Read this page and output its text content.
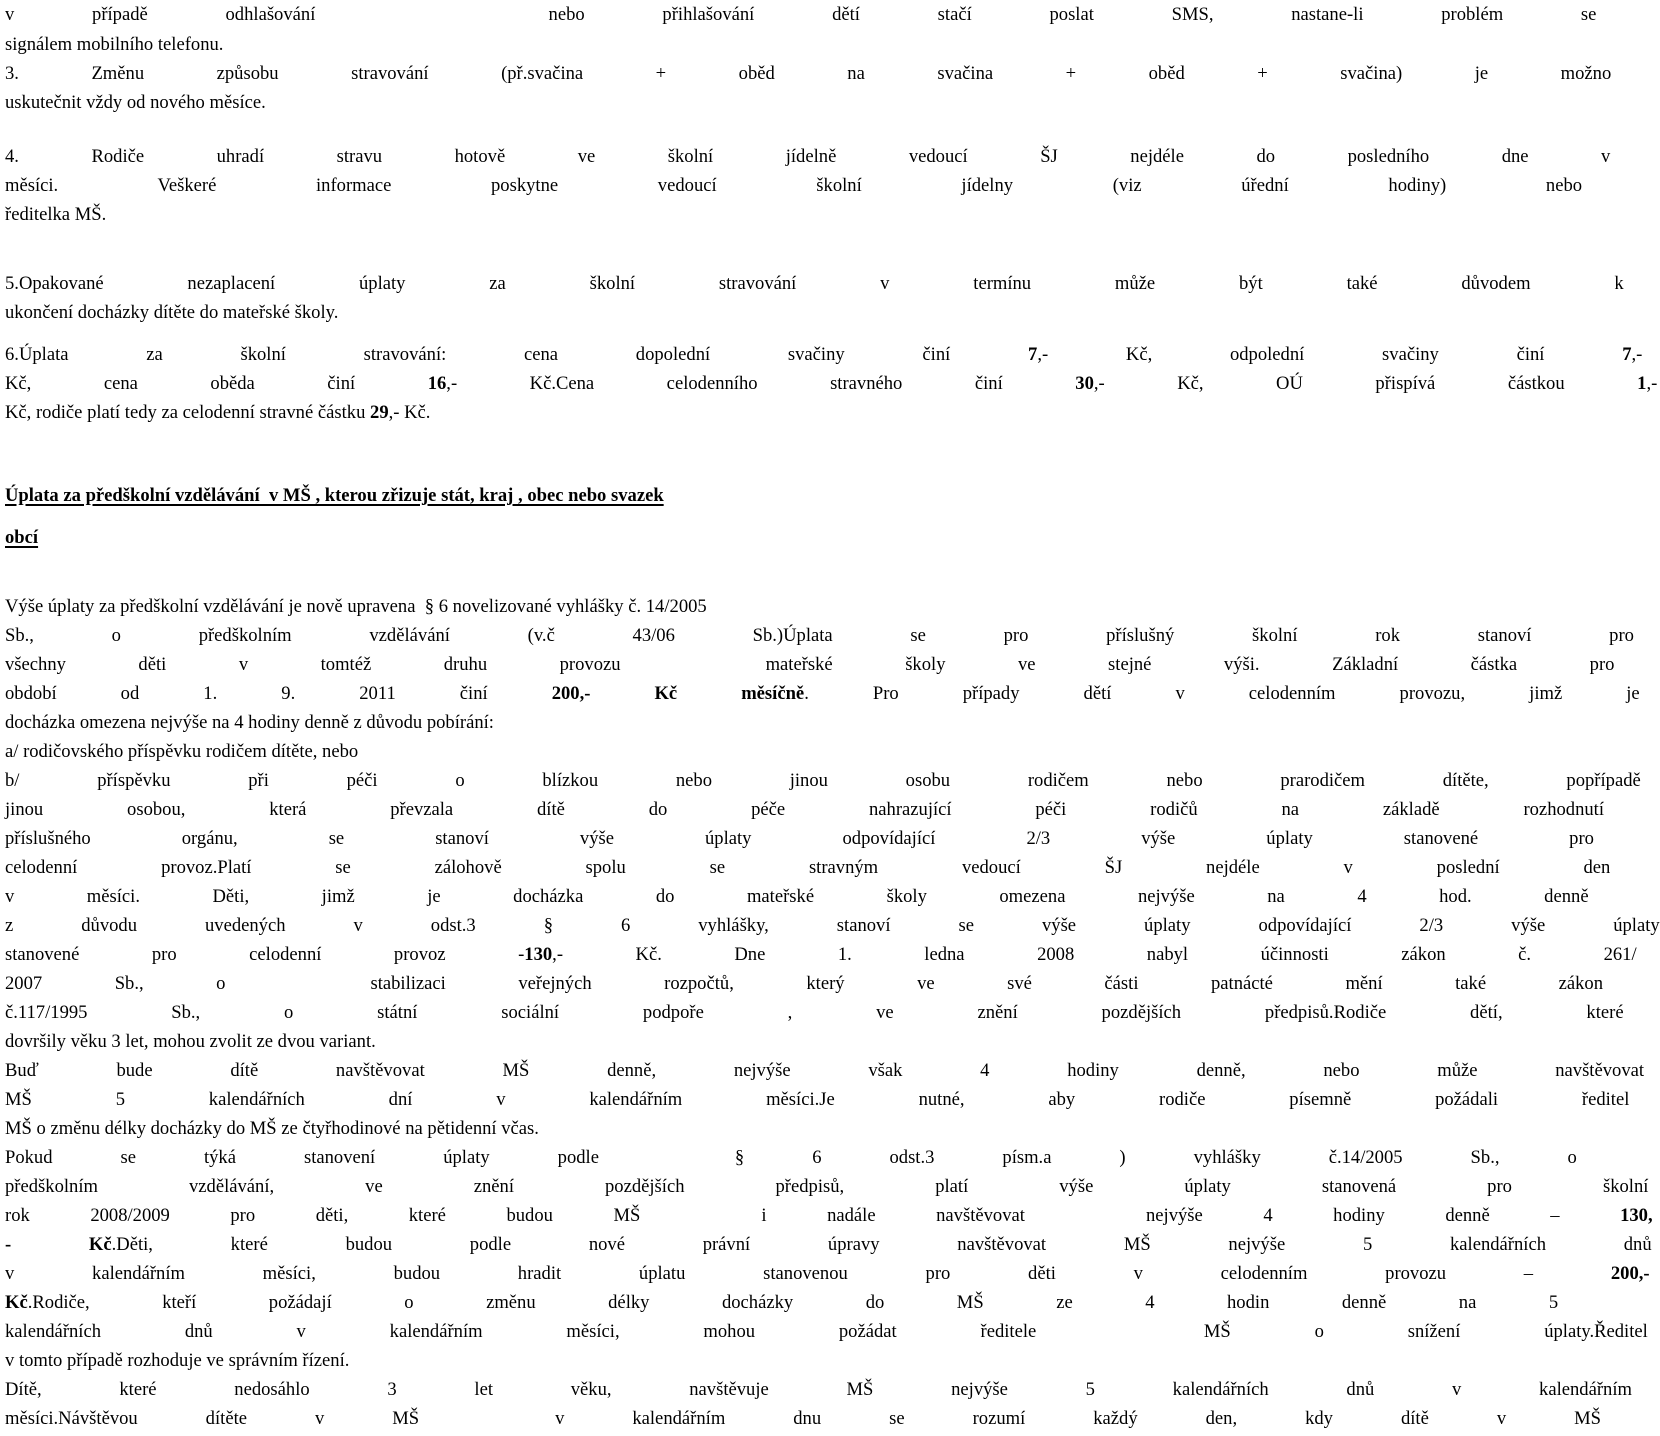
v případě odhlašování   nebo přihlašování dětí stačí poslat SMS, nastane-li problém se
signálem mobilního telefonu.
3. Změnu způsobu stravování (př.svačina + oběd na svačina + oběd + svačina) je možno
uskutečnit vždy od nového měsíce.
4. Rodiče uhradí stravu hotově ve školní jídelně vedoucí ŠJ nejdéle do posledního dne v
měsíci. Veškeré informace poskytne vedoucí školní jídelny (viz úřední hodiny) nebo
ředitelka MŠ.
5.Opakované nezaplacení úplaty za školní stravování v termínu může být také důvodem k
ukončení docházky dítěte do mateřské školy.
6.Úplata za školní stravování: cena dopolední svačiny činí 7,- Kč, odpolední svačiny činí 7,-
Kč, cena oběda činí 16,- Kč.Cena celodenního stravného činí 30,- Kč, OÚ přispívá částkou 1,-
Kč, rodiče platí tedy za celodenní stravné částku 29,- Kč.
Úplata za předškolní vzdělávání  v MŠ , kterou zřizuje stát, kraj , obec nebo svazek
obcí
Výše úplaty za předškolní vzdělávání je nově upravena  § 6 novelizované vyhlášky č. 14/2005
Sb., o předškolním vzdělávání (v.č 43/06 Sb.)Úplata se pro příslušný školní rok stanoví pro
všechny děti v tomtéž druhu provozu  mateřské školy ve stejné výši. Základní částka pro
období od 1. 9. 2011 činí 200,- Kč měsíčně. Pro případy dětí v celodenním provozu, jimž je
docházka omezena nejvýše na 4 hodiny denně z důvodu pobírání:
a/ rodičovského příspěvku rodičem dítěte, nebo
b/ příspěvku při péči o blízkou nebo jinou osobu rodičem nebo prarodičem dítěte, popřípadě
jinou osobou, která převzala dítě do péče nahrazující péči rodičů na základě rozhodnutí
příslušného orgánu, se stanoví výše úplaty odpovídající 2/3 výše úplaty stanovené pro
celodenní provoz.Platí se zálohově spolu se stravným vedoucí ŠJ nejdéle v poslední den
v měsíci. Děti, jimž je docházka do mateřské školy omezena nejvýše na 4 hod. denně
z důvodu uvedených v odst.3 § 6 vyhlášky, stanoví se výše úplaty odpovídající 2/3 výše úplaty
stanovené pro celodenní provoz -130,- Kč. Dne 1. ledna 2008 nabyl účinnosti zákon č. 261/
2007 Sb., o  stabilizaci veřejných rozpočtů, který ve své části patnácté mění také zákon
č.117/1995 Sb., o státní sociální podpoře , ve znění pozdějších předpisů.Rodiče dětí, které
dovršily věku 3 let, mohou zvolit ze dvou variant.
Buď bude dítě navštěvovat MŠ denně, nejvýše však 4 hodiny denně, nebo může navštěvovat
MŠ 5 kalendářních dní v kalendářním měsíci.Je nutné, aby rodiče písemně požádali ředitel
MŠ o změnu délky docházky do MŠ ze čtyřhodinové na pětidenní včas.
Pokud se týká stanovení úplaty podle  § 6 odst.3 písm.a ) vyhlášky č.14/2005 Sb., o
předškolním vzdělávání, ve znění pozdějších předpisů, platí výše úplaty stanovená pro školní
rok 2008/2009 pro děti, které budou MŠ  i nadále navštěvovat  nejvýše 4 hodiny denně – 130,
- Kč.Děti, které budou podle nové právní úpravy navštěvovat MŠ nejvýše 5 kalendářních dnů
v kalendářním měsíci, budou hradit úplatu stanovenou pro děti v celodenním provozu – 200,-
Kč.Rodiče, kteří požádají o změnu délky docházky do MŠ ze 4 hodin denně na 5
kalendářních dnů v kalendářním měsíci, mohou požádat ředitele  MŠ o snížení úplaty.Ředitel
v tomto případě rozhoduje ve správním řízení.
Dítě, které nedosáhlo 3 let věku, navštěvuje MŠ nejvýše 5 kalendářních dnů v kalendářním
měsíci.Návštěvou dítěte v MŠ  v kalendářním dnu se rozumí každý den, kdy dítě v MŠ
